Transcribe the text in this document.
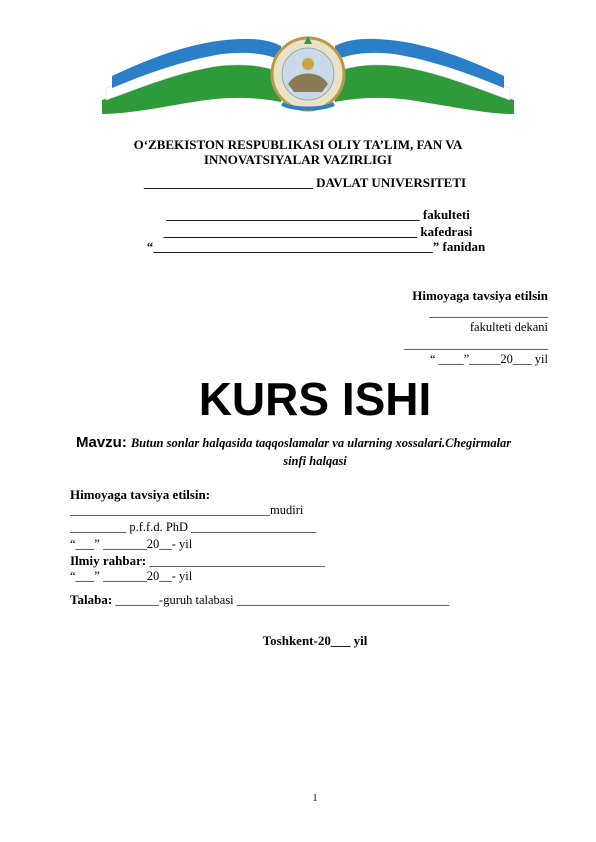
O‘ZBEKISTON RESPUBLIKASI OLIY TA’LIM, FAN VA
INNOVATSIYALAR VAZIRLIGI
__________________________ DAVLAT UNIVERSITETI
_______________________________________ fakulteti
_______________________________________ kafedrasi
“___________________________________________” fanidan
Himoyaga tavsiya etilsin
___________________
fakulteti dekani
_______________________
“ ____”_____20___ yil
KURS ISHI
Mavzu: Butun sonlar halqasida taqqoslamalar va ularning xossalari.Chegirmalar
sinfi halqasi
Himoyaga tavsiya etilsin:
________________________________mudiri
_________ p.f.f.d. PhD ____________________
“___” _______20__- yil
Ilmiy rahbar: ___________________________
“___” _______20__- yil
Talaba: _______-guruh talabasi __________________________________
Toshkent-20___ yil
1
